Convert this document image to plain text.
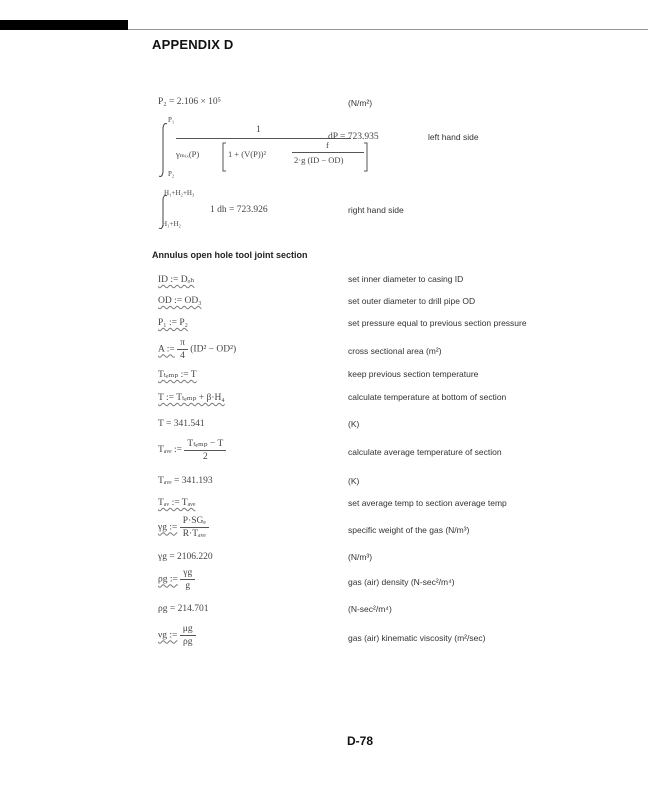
APPENDIX D
P₂ = 2.106 × 10⁵	(N/m²)
P₁
P₂
1
γₘᵢₓ(P)	1 + (V(P))²
f
2·g (ID − OD)
dP = 723.935	left hand side
H₁+H₂+H₃
H₁+H₂
1 dh = 723.926	right hand side
Annulus open hole tool joint section
ID := Dₒₕ	set inner diameter to casing ID
OD := OD₃	set outer diameter to drill pipe OD
P₁ := P₂	set pressure equal to previous section pressure
A := $\frac{\pi}{4} (ID^2 - OD^2)$	cross sectional area (m²)
Tₜₑₘₚ := T	keep previous section temperature
T := Tₜₑₘₚ + β·H₄	calculate temperature at bottom of section
T = 341.541	(K)
Tₐᵥₑ := $\frac{\text{Tₜₑₘₚ − T}}{2}$	calculate average temperature of section
Tₐᵥₑ = 341.193	(K)
Tₐᵥ := Tₐᵥₑ	set average temp to section average temp
γg := $\frac{\text{P·SGₑ}}{\text{R·Tₐᵥₑ}}$	specific weight of the gas (N/m³)
γg = 2106.220	(N/m³)
ρg := $\frac{\gamma g}{g}$	gas (air) density (N-sec²/m⁴)
ρg = 214.701	(N-sec²/m⁴)
νg := $\frac{\mu g}{\rho g}$	gas (air) kinematic viscosity (m²/sec)
D-78
